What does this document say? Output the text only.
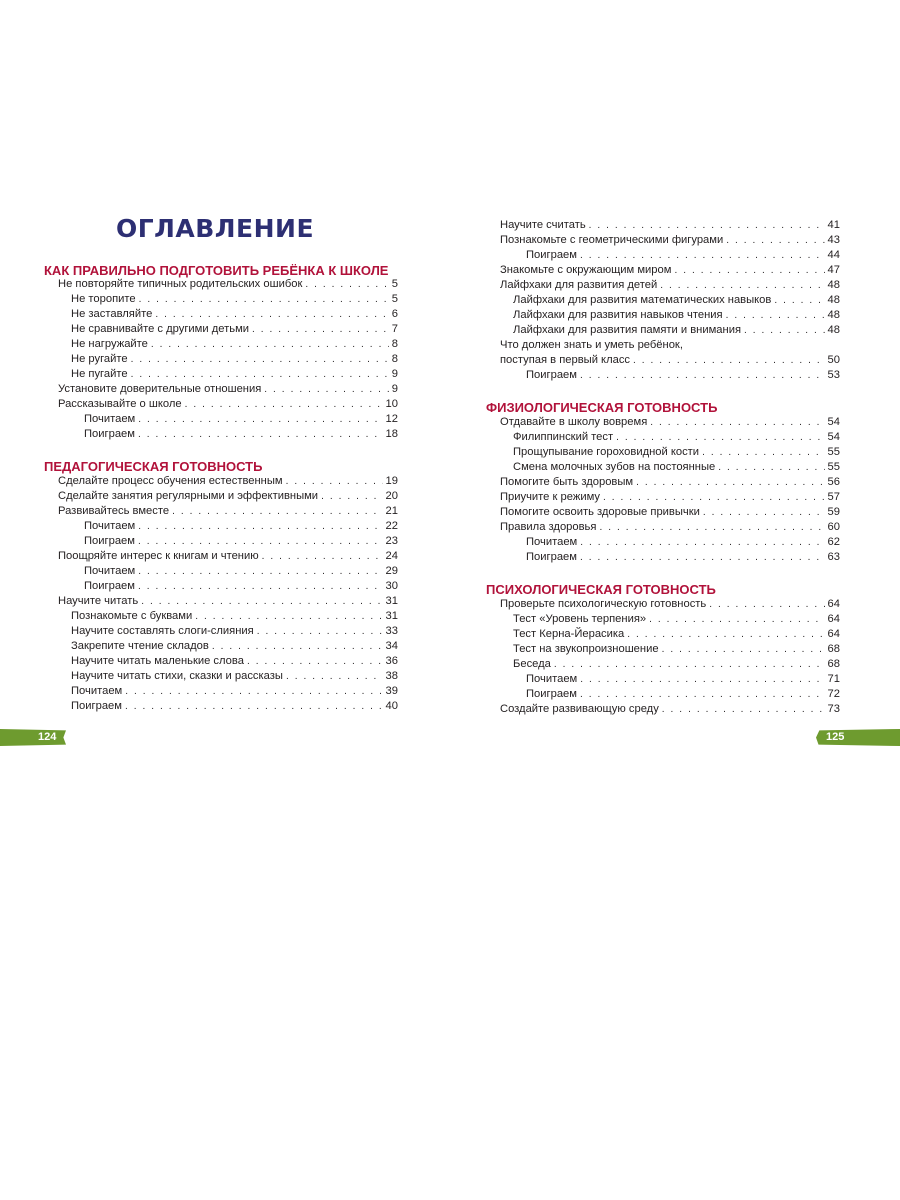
ОГЛАВЛЕНИЕ
КАК ПРАВИЛЬНО ПОДГОТОВИТЬ РЕБЁНКА К ШКОЛЕ
Не повторяйте типичных родительских ошибок . . .	5
Не торопите . . .	5
Не заставляйте . . .	6
Не сравнивайте с другими детьми . . .	7
Не нагружайте . . .	8
Не ругайте . . .	8
Не пугайте . . .	9
Установите доверительные отношения . . .	9
Рассказывайте о школе . . .	10
Почитаем . . .	12
Поиграем . . .	18
ПЕДАГОГИЧЕСКАЯ ГОТОВНОСТЬ
Сделайте процесс обучения естественным . . .	19
Сделайте занятия регулярными и эффективными . . .	20
Развивайтесь вместе . . .	21
Почитаем . . .	22
Поиграем . . .	23
Поощряйте интерес к книгам и чтению . . .	24
Почитаем . . .	29
Поиграем . . .	30
Научите читать . . .	31
Познакомьте с буквами . . .	31
Научите составлять слоги-слияния . . .	33
Закрепите чтение складов . . .	34
Научите читать маленькие слова . . .	36
Научите читать стихи, сказки и рассказы . . .	38
Почитаем . . .	39
Поиграем . . .	40
Научите считать . . .	41
Познакомьте с геометрическими фигурами . . .	43
Поиграем . . .	44
Знакомьте с окружающим миром . . .	47
Лайфхаки для развития детей . . .	48
Лайфхаки для развития математических навыков . . .	48
Лайфхаки для развития навыков чтения . . .	48
Лайфхаки для развития памяти и внимания . . .	48
Что должен знать и уметь ребёнок,
поступая в первый класс . . .	50
Поиграем . . .	53
ФИЗИОЛОГИЧЕСКАЯ ГОТОВНОСТЬ
Отдавайте в школу вовремя . . .	54
Филиппинский тест . . .	54
Прощупывание гороховидной кости . . .	55
Смена молочных зубов на постоянные . . .	55
Помогите быть здоровым . . .	56
Приучите к режиму . . .	57
Помогите освоить здоровые привычки . . .	59
Правила здоровья . . .	60
Почитаем . . .	62
Поиграем . . .	63
ПСИХОЛОГИЧЕСКАЯ ГОТОВНОСТЬ
Проверьте психологическую готовность . . .	64
Тест «Уровень терпения» . . .	64
Тест Керна-Йерасика . . .	64
Тест на звукопроизношение . . .	68
Беседа . . .	68
Почитаем . . .	71
Поиграем . . .	72
Создайте развивающую среду . . .	73
124	125
